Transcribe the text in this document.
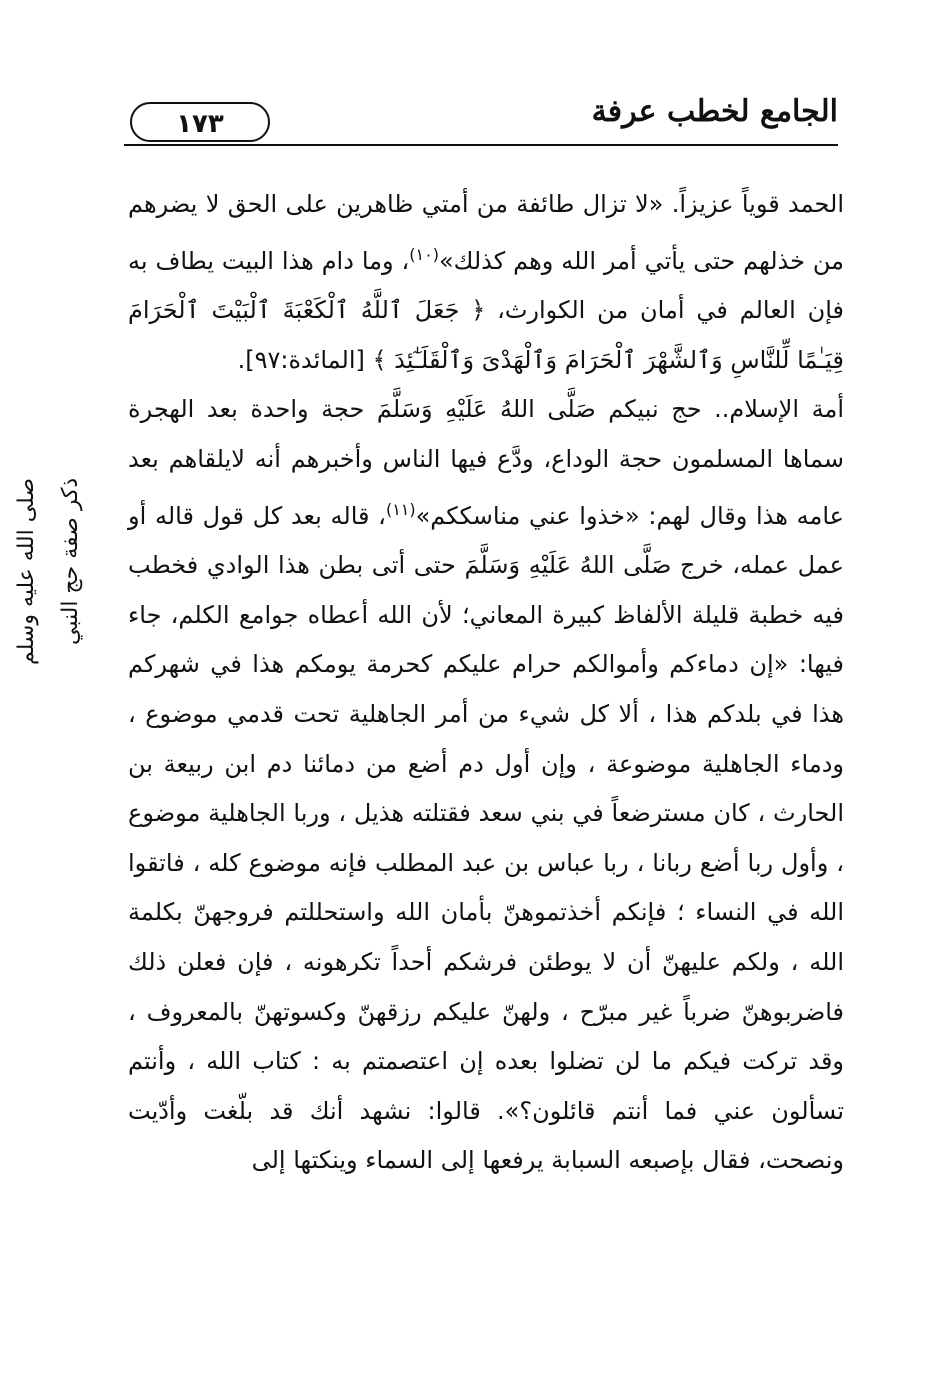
الجامع لخطب عرفة
١٧٣

الحمد قوياً عزيزاً. «لا تزال طائفة من أمتي ظاهرين على الحق لا يضرهم من خذلهم حتى يأتي أمر الله وهم كذلك»$^{(١٠)}$، وما دام هذا البيت يطاف به فإن العالم في أمان من الكوارث، ﴿ جَعَلَ ٱللَّهُ ٱلْكَعْبَةَ ٱلْبَيْتَ ٱلْحَرَامَ قِيَـٰمًا لِّلنَّاسِ وَٱلشَّهْرَ ٱلْحَرَامَ وَٱلْهَدْىَ وَٱلْقَلَـٰٓئِدَ ﴾ [المائدة:٩٧].

أمة الإسلام.. حج نبيكم صَلَّى اللهُ عَلَيْهِ وَسَلَّمَ حجة واحدة بعد الهجرة سماها المسلمون حجة الوداع، ودَّع فيها الناس وأخبرهم أنه لايلقاهم بعد عامه هذا وقال لهم: «خذوا عني مناسككم»$^{(١١)}$، قاله بعد كل قول قاله أو عمل عمله، خرج صَلَّى اللهُ عَلَيْهِ وَسَلَّمَ حتى أتى بطن هذا الوادي فخطب فيه خطبة قليلة الألفاظ كبيرة المعاني؛ لأن الله أعطاه جوامع الكلم، جاء فيها: «إن دماءكم وأموالكم حرام عليكم كحرمة يومكم هذا في شهركم هذا في بلدكم هذا ، ألا كل شيء من أمر الجاهلية تحت قدمي موضوع ، ودماء الجاهلية موضوعة ، وإن أول دم أضع من دمائنا دم ابن ربيعة بن الحارث ، كان مسترضعاً في بني سعد فقتلته هذيل ، وربا الجاهلية موضوع ، وأول ربا أضع ربانا ، ربا عباس بن عبد المطلب فإنه موضوع كله ، فاتقوا الله في النساء ؛ فإنكم أخذتموهنّ بأمان الله واستحللتم فروجهنّ بكلمة الله ، ولكم عليهنّ أن لا يوطئن فرشكم أحداً تكرهونه ، فإن فعلن ذلك فاضربوهنّ ضرباً غير مبرّح ، ولهنّ عليكم رزقهنّ وكسوتهنّ بالمعروف ، وقد تركت فيكم ما لن تضلوا بعده إن اعتصمتم به : كتاب الله ، وأنتم تسألون عني فما أنتم قائلون؟». قالوا: نشهد أنك قد بلّغت وأدّيت ونصحت، فقال بإصبعه السبابة يرفعها إلى السماء وينكتها إلى

ذكر صفة حج النبي
صلى الله عليه وسلم
